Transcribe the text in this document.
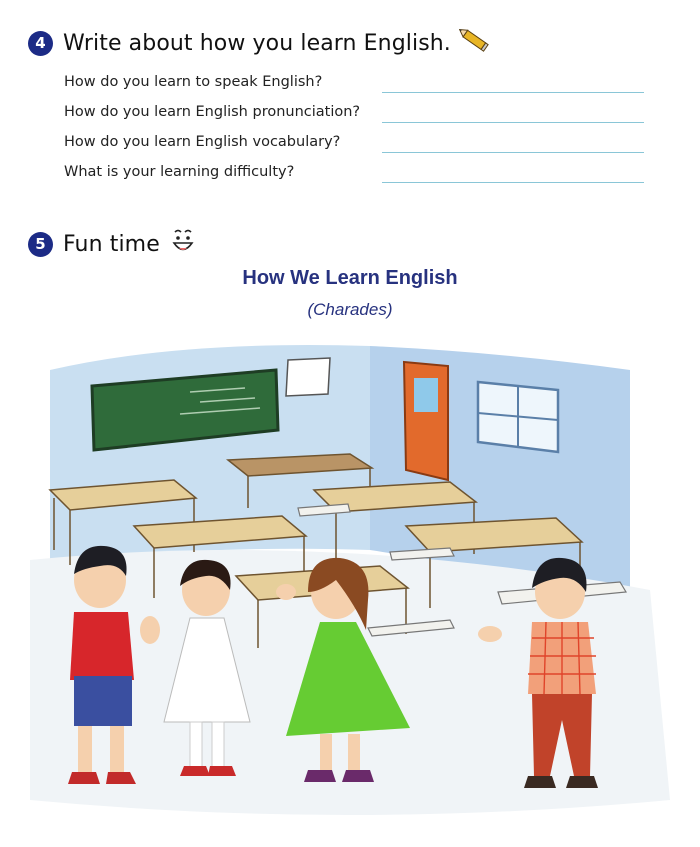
4 Write about how you learn English.
How do you learn to speak English?
How do you learn English pronunciation?
How do you learn English vocabulary?
What is your learning difficulty?
5 Fun time
How We Learn English
(Charades)
